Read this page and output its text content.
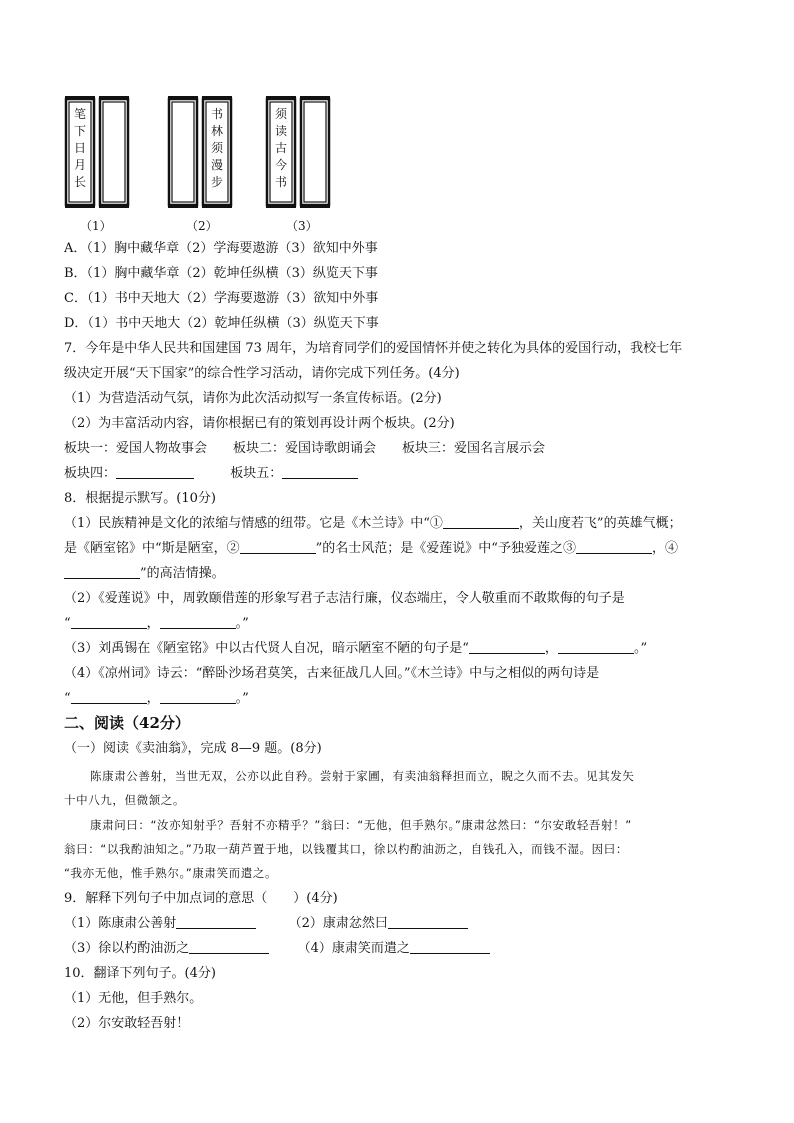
笔
下
日
月
长
书
林
须
漫
步
须
读
古
今
书
（1）	（2）	（3）
A．（1）胸中藏华章（2）学海要遨游（3）欲知中外事
B．（1）胸中藏华章（2）乾坤任纵横（3）纵览天下事
C．（1）书中天地大（2）学海要遨游（3）欲知中外事
D．（1）书中天地大（2）乾坤任纵横（3）纵览天下事
7．今年是中华人民共和国建国 73 周年，为培育同学们的爱国情怀并使之转化为具体的爱国行动，我校七年
级决定开展“天下国家”的综合性学习活动，请你完成下列任务。(4分)
（1）为营造活动气氛，请你为此次活动拟写一条宣传标语。(2分)
（2）为丰富活动内容，请你根据已有的策划再设计两个板块。(2分)
板块一：爱国人物故事会　　板块二：爱国诗歌朗诵会　　板块三：爱国名言展示会
板块四：	板块五：
8．根据提示默写。(10分)
（1）民族精神是文化的浓缩与情感的纽带。它是《木兰诗》中“①	，关山度若飞”的英雄气概；
是《陋室铭》中“斯是陋室，②	”的名士风范；是《爱莲说》中“予独爱莲之③	，④
”的高洁情操。
（2）《爱莲说》中，周敦颐借莲的形象写君子志洁行廉，仪态端庄，令人敬重而不敢欺侮的句子是
“	，	。”
（3）刘禹锡在《陋室铭》中以古代贤人自况，暗示陋室不陋的句子是“	，	。”
（4）《凉州词》诗云：“醉卧沙场君莫笑，古来征战几人回。”《木兰诗》中与之相似的两句诗是
“	，	。”
二、阅读（42分）
（一）阅读《卖油翁》，完成 8—9 题。(8分)
陈康肃公善射，当世无双，公亦以此自矜。尝射于家圃，有卖油翁释担而立，睨之久而不去。见其发矢
十中八九，但微颔之。
康肃问曰：“汝亦知射乎？吾射不亦精乎？”翁曰：“无他，但手熟尔。”康肃忿然曰：“尔安敢轻吾射！”
翁曰：“以我酌油知之。”乃取一葫芦置于地，以钱覆其口，徐以杓酌油沥之，自钱孔入，而钱不湿。因曰：
“我亦无他，惟手熟尔。”康肃笑而遣之。
9．解释下列句子中加点词的意思（　　）(4分)
（1）陈康肃公善射	（2）康肃忿然曰
（3）徐以杓酌油沥之	（4）康肃笑而遣之
10．翻译下列句子。(4分)
（1）无他，但手熟尔。
（2）尔安敢轻吾射！
